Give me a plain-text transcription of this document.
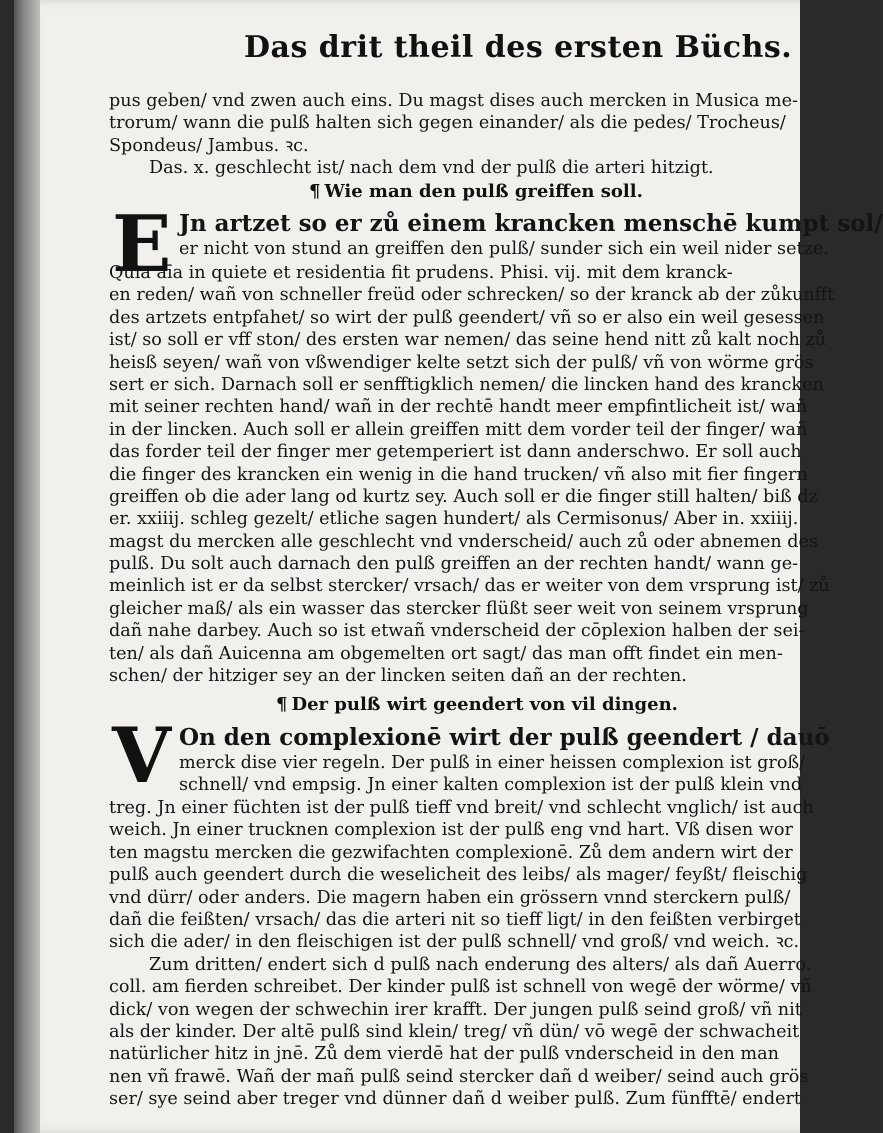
Das drit theil des ersten Büchs.
pus geben/ vnd zwen auch eins. Du magst dises auch mercken in Musica me-
trorum/ wann die pulß halten sich gegen einander/ als die pedes/ Trocheus/
Spondeus/ Jambus. ꝛc.
Das. x. geschlecht ist/ nach dem vnd der pulß die arteri hitzigt.
¶ Wie man den pulß greiffen soll.
E Jn artzet so er zů einem krancken menschē kumpt sol/
er nicht von stund an greiffen den pulß/ sunder sich ein weil nider setze.
Quia aīa in quiete et residentia fit prudens. Phisi. vij. mit dem kranck-
en reden/ wañ von schneller freüd oder schrecken/ so der kranck ab der zůkunfft
des artzets entpfahet/ so wirt der pulß geendert/ vñ so er also ein weil gesessen
ist/ so soll er vff ston/ des ersten war nemen/ das seine hend nitt zů kalt noch zů
heisß seyen/ wañ von vßwendiger kelte setzt sich der pulß/ vñ von wörme grös
sert er sich. Darnach soll er senfftigklich nemen/ die lincken hand des krancken
mit seiner rechten hand/ wañ in der rechtē handt meer empfintlicheit ist/ wañ
in der lincken. Auch soll er allein greiffen mitt dem vorder teil der finger/ wañ
das forder teil der finger mer getemperiert ist dann anderschwo. Er soll auch
die finger des krancken ein wenig in die hand trucken/ vñ also mit fier fingern
greiffen ob die ader lang od kurtz sey. Auch soll er die finger still halten/ biß dz
er. xxiiij. schleg gezelt/ etliche sagen hundert/ als Cermisonus/ Aber in. xxiiij.
magst du mercken alle geschlecht vnd vnderscheid/ auch zů oder abnemen des
pulß. Du solt auch darnach den pulß greiffen an der rechten handt/ wann ge-
meinlich ist er da selbst stercker/ vrsach/ das er weiter von dem vrsprung ist/ zů
gleicher maß/ als ein wasser das stercker flüßt seer weit von seinem vrsprung
dañ nahe darbey. Auch so ist etwañ vnderscheid der cōplexion halben der sei-
ten/ als dañ Auicenna am obgemelten ort sagt/ das man offt findet ein men-
schen/ der hitziger sey an der lincken seiten dañ an der rechten.
¶ Der pulß wirt geendert von vil dingen.
V On den complexionē wirt der pulß geendert / dauō
merck dise vier regeln. Der pulß in einer heissen complexion ist groß/
schnell/ vnd empsig. Jn einer kalten complexion ist der pulß klein vnd
treg. Jn einer füchten ist der pulß tieff vnd breit/ vnd schlecht vnglich/ ist auch
weich. Jn einer trucknen complexion ist der pulß eng vnd hart. Vß disen wor
ten magstu mercken die gezwifachten complexionē. Zů dem andern wirt der
pulß auch geendert durch die weselicheit des leibs/ als mager/ feyßt/ fleischig
vnd dürr/ oder anders. Die magern haben ein grössern vnnd sterckern pulß/
dañ die feißten/ vrsach/ das die arteri nit so tieff ligt/ in den feißten verbirget
sich die ader/ in den fleischigen ist der pulß schnell/ vnd groß/ vnd weich. ꝛc.
Zum dritten/ endert sich d pulß nach enderung des alters/ als dañ Auerro.
coll. am fierden schreibet. Der kinder pulß ist schnell von wegē der wörme/ vñ
dick/ von wegen der schwechin irer krafft. Der jungen pulß seind groß/ vñ nit
als der kinder. Der altē pulß sind klein/ treg/ vñ dün/ vō wegē der schwacheit
natürlicher hitz in jnē. Zů dem vierdē hat der pulß vnderscheid in den man
nen vñ frawē. Wañ der mañ pulß seind stercker dañ d weiber/ seind auch grös
ser/ sye seind aber treger vnd dünner dañ d weiber pulß. Zum fünfftē/ endert
